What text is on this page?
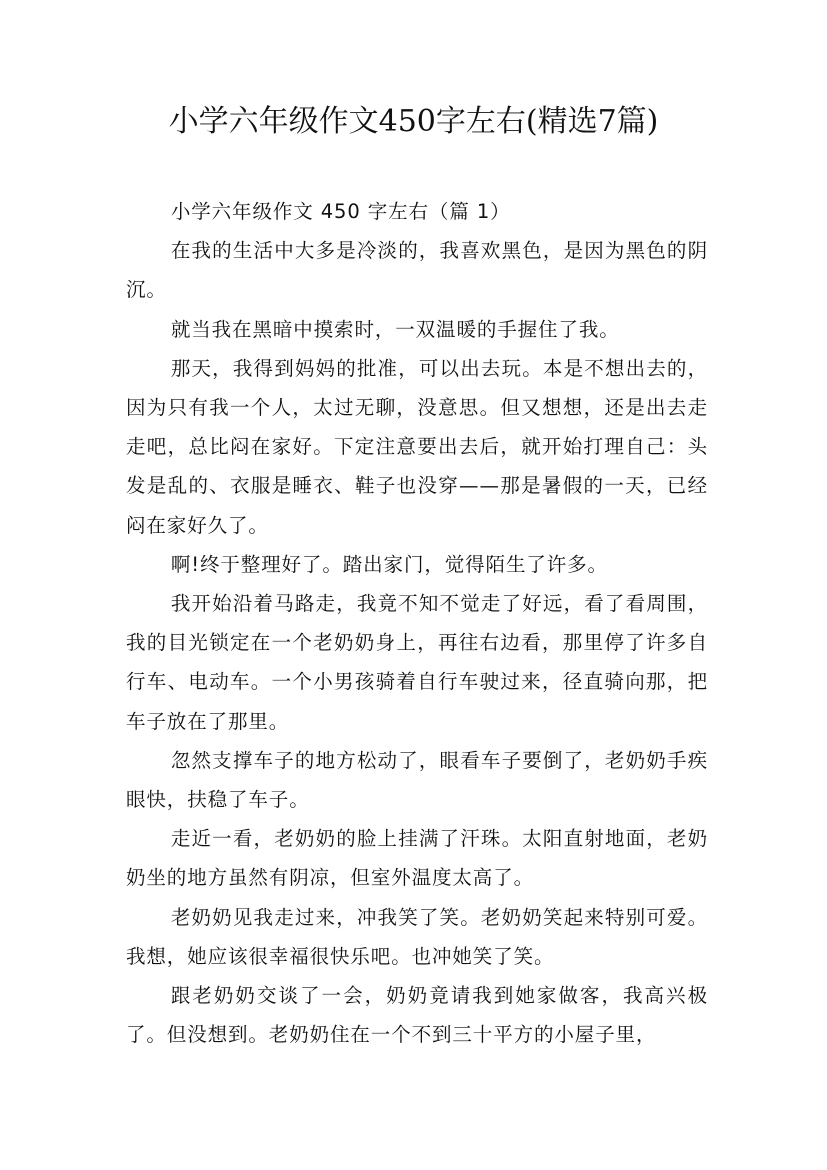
小学六年级作文450字左右(精选7篇)

小学六年级作文 450 字左右（篇 1）

在我的生活中大多是冷淡的，我喜欢黑色，是因为黑色的阴沉。

就当我在黑暗中摸索时，一双温暖的手握住了我。

那天，我得到妈妈的批准，可以出去玩。本是不想出去的，因为只有我一个人，太过无聊，没意思。但又想想，还是出去走走吧，总比闷在家好。下定注意要出去后，就开始打理自己：头发是乱的、衣服是睡衣、鞋子也没穿——那是暑假的一天，已经闷在家好久了。

啊!终于整理好了。踏出家门，觉得陌生了许多。

我开始沿着马路走，我竟不知不觉走了好远，看了看周围，我的目光锁定在一个老奶奶身上，再往右边看，那里停了许多自行车、电动车。一个小男孩骑着自行车驶过来，径直骑向那，把车子放在了那里。

忽然支撑车子的地方松动了，眼看车子要倒了，老奶奶手疾眼快，扶稳了车子。

走近一看，老奶奶的脸上挂满了汗珠。太阳直射地面，老奶奶坐的地方虽然有阴凉，但室外温度太高了。

老奶奶见我走过来，冲我笑了笑。老奶奶笑起来特别可爱。我想，她应该很幸福很快乐吧。也冲她笑了笑。

跟老奶奶交谈了一会，奶奶竟请我到她家做客，我高兴极了。但没想到。老奶奶住在一个不到三十平方的小屋子里，
